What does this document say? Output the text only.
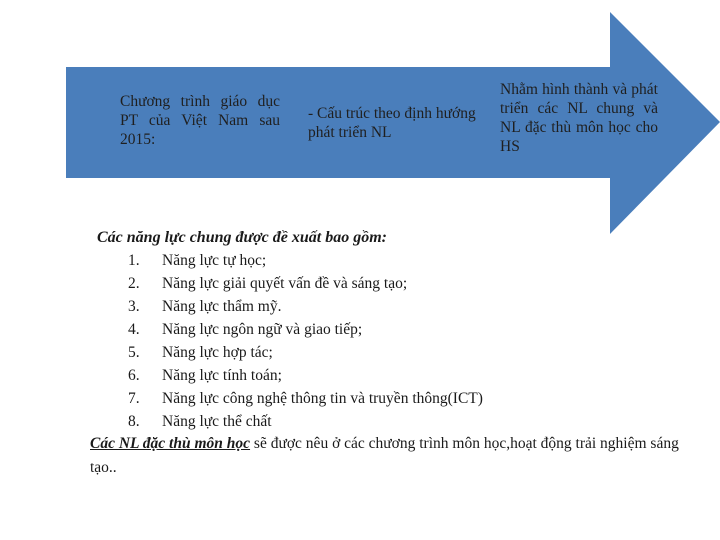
Chương trình giáo dục PT của Việt Nam sau 2015:
- Cấu trúc theo định hướng phát triển NL
Nhằm hình thành và phát triển các NL chung và NL đặc thù môn học cho HS

Các năng lực chung được đề xuất bao gồm:

1.	Năng lực tự học;
2.	Năng lực giải quyết vấn đề và sáng tạo;
3.	Năng lực thẩm mỹ.
4.	Năng lực ngôn ngữ và giao tiếp;
5.	Năng lực hợp tác;
6.	Năng lực tính toán;
7.	Năng lực công nghệ thông tin và truyền thông(ICT)
8.	Năng lực thể chất

Các NL đặc thù môn học sẽ được nêu ở các chương trình môn học,hoạt động trải nghiệm sáng tạo..
